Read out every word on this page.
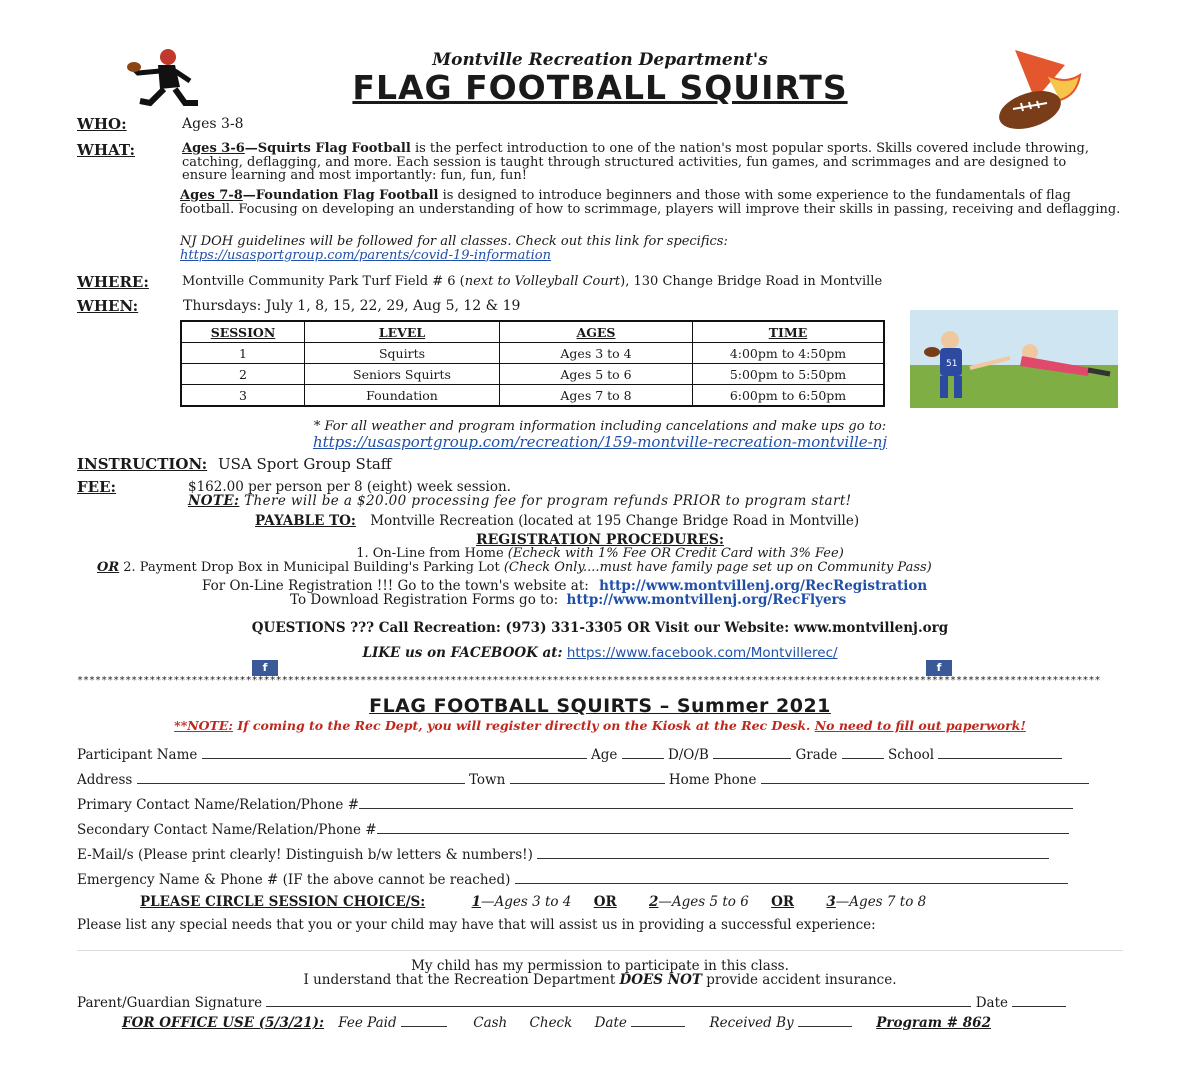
Montville Recreation Department's
FLAG FOOTBALL SQUIRTS
WHO:	Ages 3-8
WHAT:	Ages 3-6—Squirts Flag Football is the perfect introduction to one of the nation's most popular sports. Skills covered include throwing, catching, deflagging, and more. Each session is taught through structured activities, fun games, and scrimmages and are designed to ensure learning and most importantly: fun, fun, fun!
Ages 7-8—Foundation Flag Football is designed to introduce beginners and those with some experience to the fundamentals of flag football. Focusing on developing an understanding of how to scrimmage, players will improve their skills in passing, receiving and deflagging.
NJ DOH guidelines will be followed for all classes. Check out this link for specifics:
https://usasportgroup.com/parents/covid-19-information
WHERE:	Montville Community Park Turf Field # 6 (next to Volleyball Court), 130 Change Bridge Road in Montville
WHEN:	Thursdays: July 1, 8, 15, 22, 29, Aug 5, 12 & 19
SESSION	LEVEL	AGES	TIME
1	Squirts	Ages 3 to 4	4:00pm to 4:50pm
2	Seniors Squirts	Ages 5 to 6	5:00pm to 5:50pm
3	Foundation	Ages 7 to 8	6:00pm to 6:50pm
51
* For all weather and program information including cancelations and make ups go to:
https://usasportgroup.com/recreation/159-montville-recreation-montville-nj
INSTRUCTION: USA Sport Group Staff
FEE:	$162.00 per person per 8 (eight) week session.
NOTE: There will be a $20.00 processing fee for program refunds PRIOR to program start!
PAYABLE TO: Montville Recreation (located at 195 Change Bridge Road in Montville)
REGISTRATION PROCEDURES:
1. On-Line from Home (Echeck with 1% Fee OR Credit Card with 3% Fee)
OR 2. Payment Drop Box in Municipal Building's Parking Lot (Check Only....must have family page set up on Community Pass)
For On-Line Registration !!! Go to the town's website at: http://www.montvillenj.org/RecRegistration
To Download Registration Forms go to: http://www.montvillenj.org/RecFlyers
QUESTIONS ??? Call Recreation: (973) 331-3305 OR Visit our Website: www.montvillenj.org
LIKE us on FACEBOOK at: https://www.facebook.com/Montvillerec/
f	f
**************************************************************************************************************************************************************************
FLAG FOOTBALL SQUIRTS – Summer 2021
**NOTE: If coming to the Rec Dept, you will register directly on the Kiosk at the Rec Desk. No need to fill out paperwork!
Participant Name	Age	D/O/B	Grade	School
Address	Town	Home Phone
Primary Contact Name/Relation/Phone #
Secondary Contact Name/Relation/Phone #
E-Mail/s (Please print clearly! Distinguish b/w letters & numbers!)
Emergency Name & Phone # (IF the above cannot be reached)
PLEASE CIRCLE SESSION CHOICE/S:	1—Ages 3 to 4 OR 2—Ages 5 to 6 OR 3—Ages 7 to 8
Please list any special needs that you or your child may have that will assist us in providing a successful experience:
My child has my permission to participate in this class.
I understand that the Recreation Department DOES NOT provide accident insurance.
Parent/Guardian Signature	Date
FOR OFFICE USE (5/3/21): Fee Paid	Cash Check Date	Received By	Program # 862
